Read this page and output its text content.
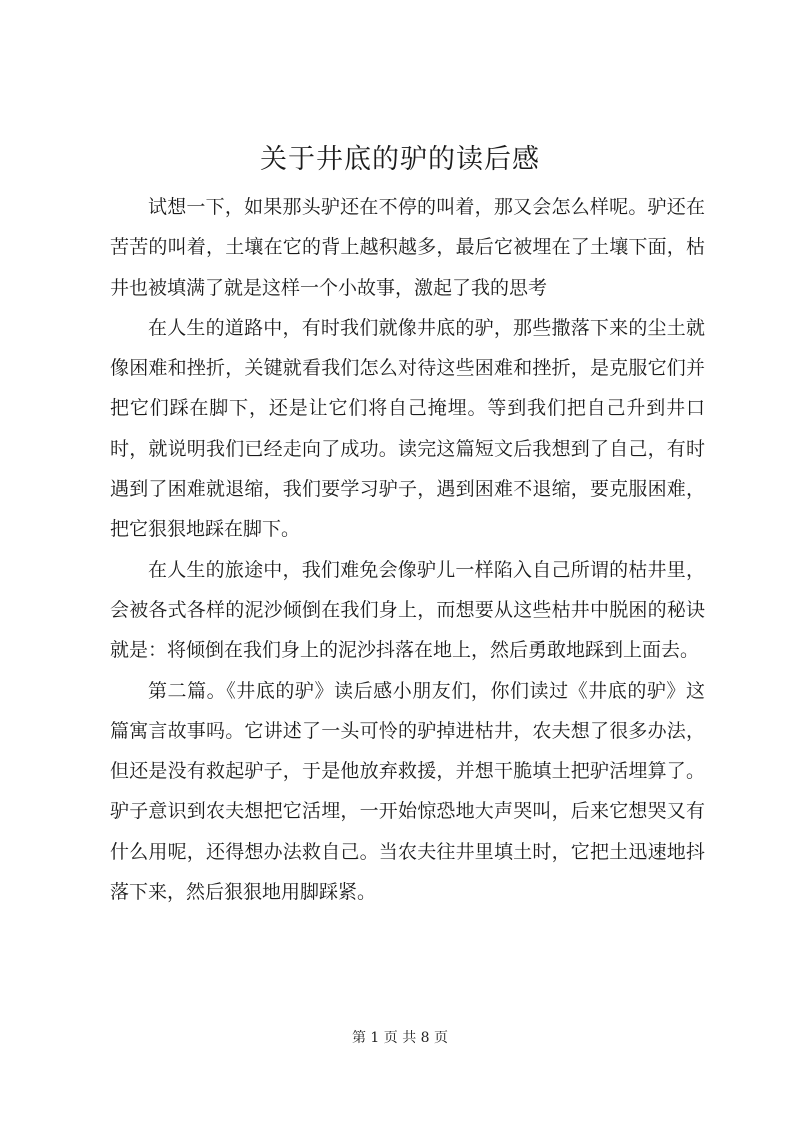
关于井底的驴的读后感

试想一下，如果那头驴还在不停的叫着，那又会怎么样呢。驴还在苦苦的叫着，土壤在它的背上越积越多，最后它被埋在了土壤下面，枯井也被填满了就是这样一个小故事，激起了我的思考

在人生的道路中，有时我们就像井底的驴，那些撒落下来的尘土就像困难和挫折，关键就看我们怎么对待这些困难和挫折，是克服它们并把它们踩在脚下，还是让它们将自己掩埋。等到我们把自己升到井口时，就说明我们已经走向了成功。读完这篇短文后我想到了自己，有时遇到了困难就退缩，我们要学习驴子，遇到困难不退缩，要克服困难，把它狠狠地踩在脚下。

在人生的旅途中，我们难免会像驴儿一样陷入自己所谓的枯井里，会被各式各样的泥沙倾倒在我们身上，而想要从这些枯井中脱困的秘诀就是：将倾倒在我们身上的泥沙抖落在地上，然后勇敢地踩到上面去。

第二篇。《井底的驴》读后感小朋友们，你们读过《井底的驴》这篇寓言故事吗。它讲述了一头可怜的驴掉进枯井，农夫想了很多办法，但还是没有救起驴子，于是他放弃救援，并想干脆填土把驴活埋算了。驴子意识到农夫想把它活埋，一开始惊恐地大声哭叫，后来它想哭又有什么用呢，还得想办法救自己。当农夫往井里填土时，它把土迅速地抖落下来，然后狠狠地用脚踩紧。

第 1 页 共 8 页
